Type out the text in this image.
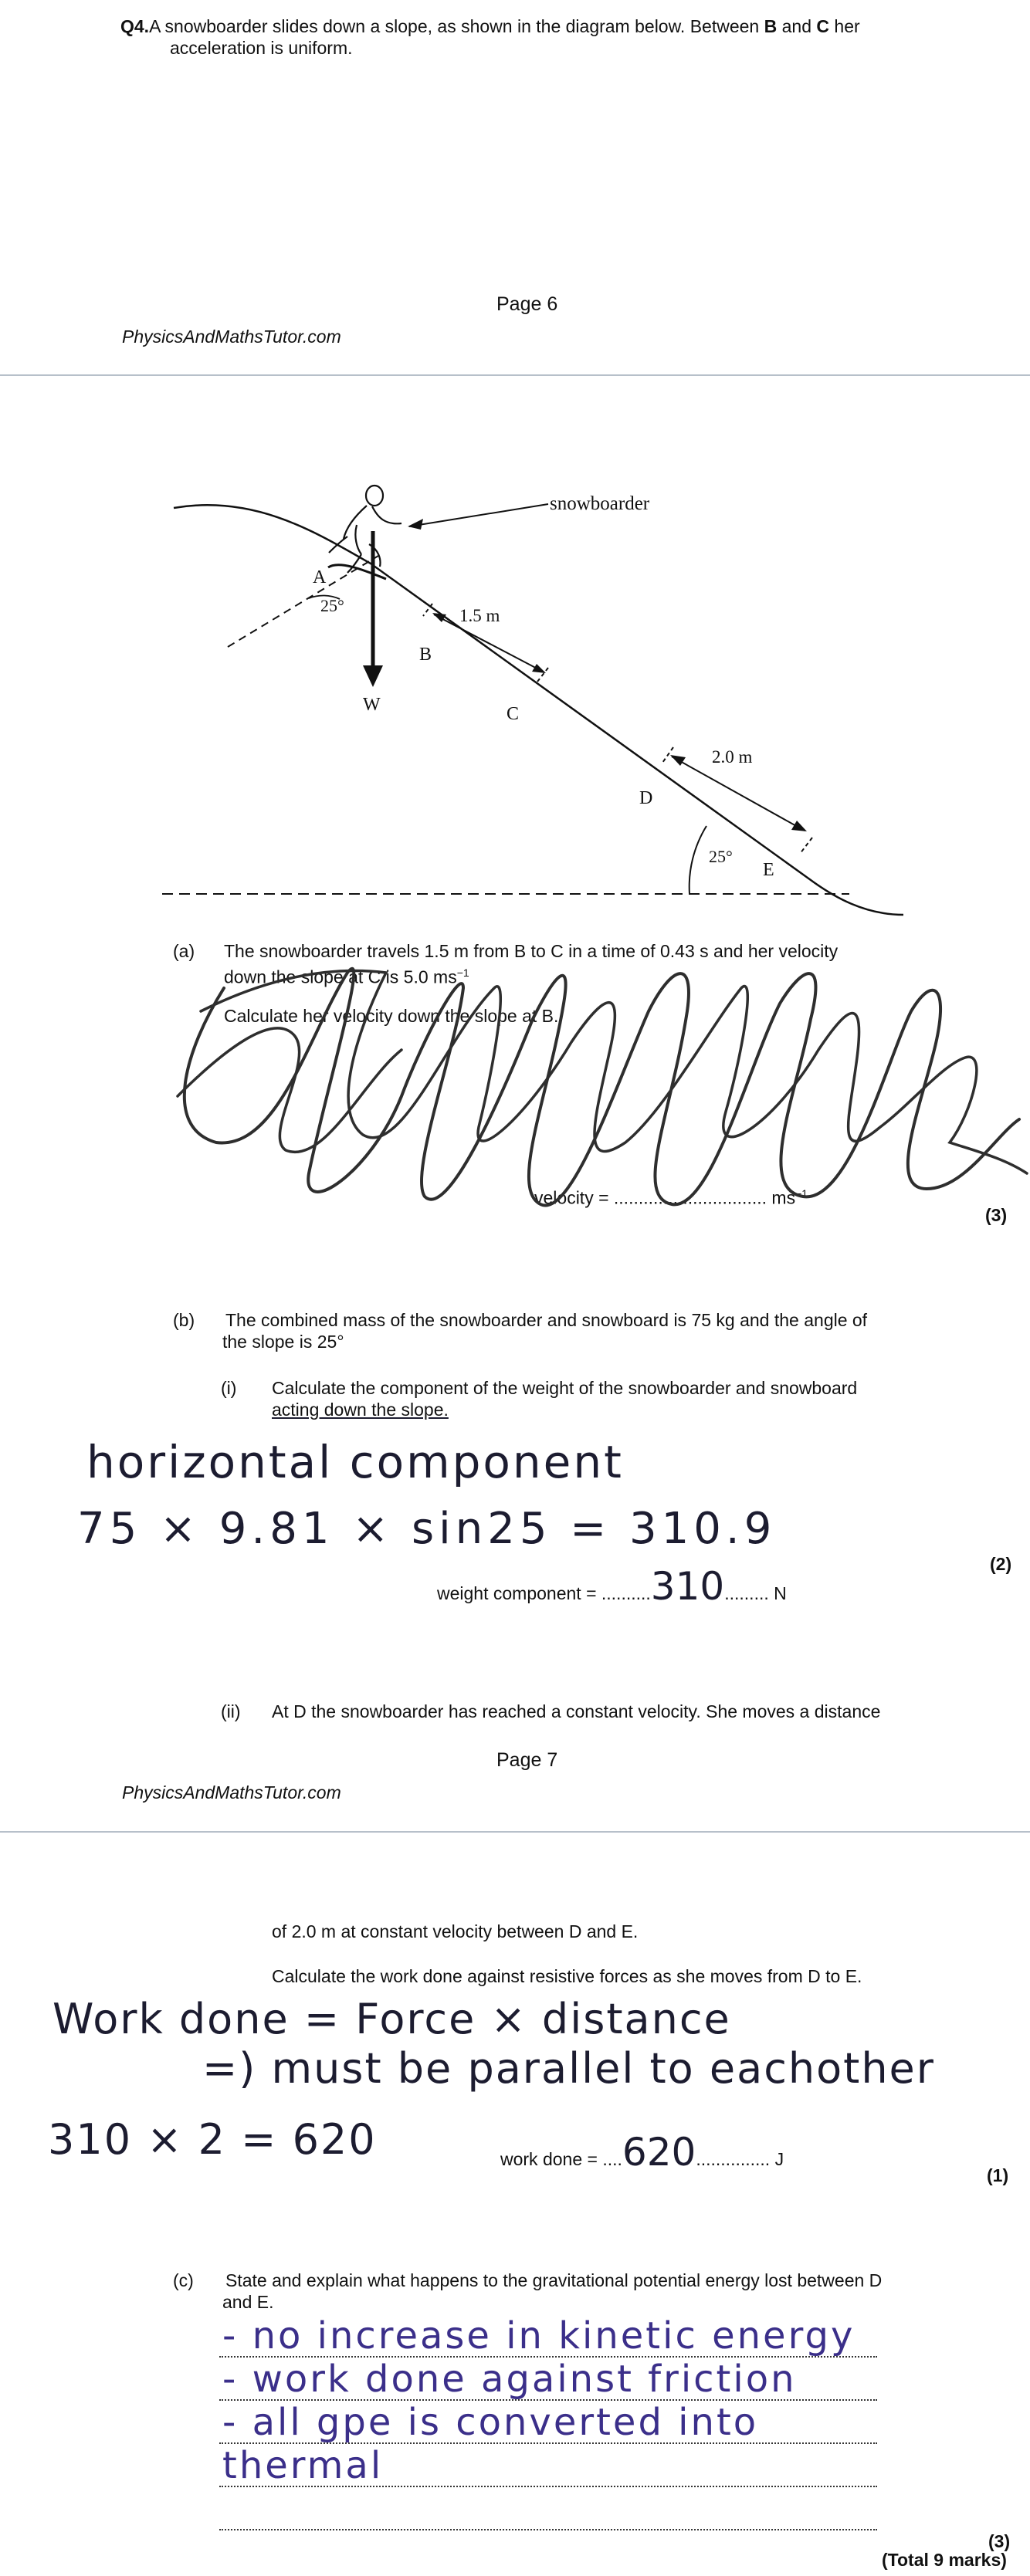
Q4.A snowboarder slides down a slope, as shown in the diagram below. Between B and C her
acceleration is uniform.
Page 6
PhysicsAndMathsTutor.com
snowboarder
W
A
25°
B
C
D
E
1.5 m
2.0 m
25°
(a) The snowboarder travels 1.5 m from B to C in a time of 0.43 s and her velocity
down the slope at C is 5.0 $ms^{-1}$
Calculate her velocity down the slope at B.
velocity = ............................... $ms^{-1}$
(3)
(b) The combined mass of the snowboarder and snowboard is 75 kg and the angle of
the slope is 25°
(i) Calculate the component of the weight of the snowboarder and snowboard
acting down the slope.
horizontal component
75 × 9.81 × sin25 = 310.9
weight component = ..........310......... N
(2)
(ii) At D the snowboarder has reached a constant velocity. She moves a distance
Page 7
PhysicsAndMathsTutor.com
of 2.0 m at constant velocity between D and E.
Calculate the work done against resistive forces as she moves from D to E.
Work done = Force × distance
=) must be parallel to eachother
310 × 2 = 620	work done = ....620............... J
(1)
(c) State and explain what happens to the gravitational potential energy lost between D
and E.
- no increase in kinetic energy
- work done against friction
- all gpe is converted into
thermal
(3)
(Total 9 marks)
